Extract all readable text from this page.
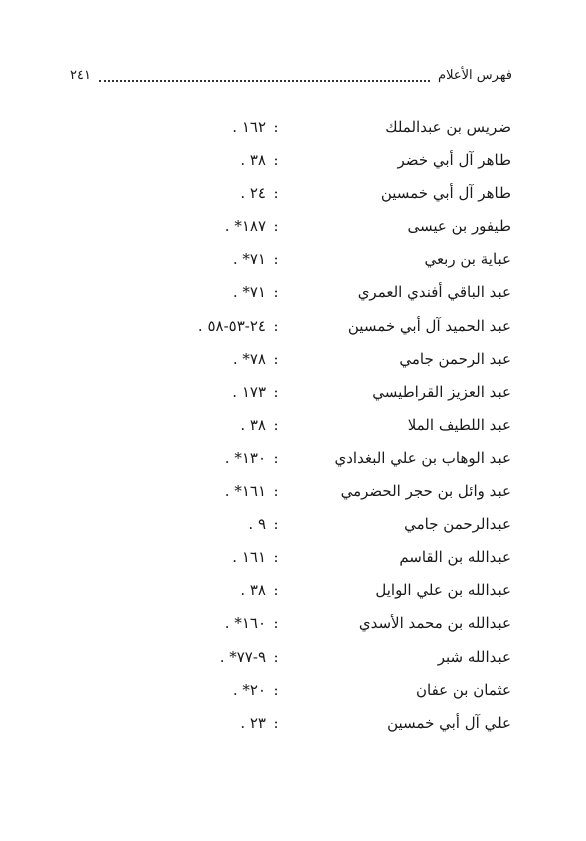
فهرس الأعلام
٢٤١
ضريس بن عبدالملك
:
١٦٢ .
طاهر آل أبي خضر
:
٣٨ .
طاهر آل أبي خمسين
:
٢٤ .
طيفور بن عيسى
:
١٨٧* .
عباية بن ربعي
:
٧١* .
عبد الباقي أفندي العمري
:
٧١* .
عبد الحميد آل أبي خمسين
:
٢٤-٥٣-٥٨ .
عبد الرحمن جامي
:
٧٨* .
عبد العزيز القراطيسي
:
١٧٣ .
عبد اللطيف الملا
:
٣٨ .
عبد الوهاب بن علي البغدادي
:
١٣٠* .
عبد وائل بن حجر الحضرمي
:
١٦١* .
عبدالرحمن جامي
:
٩ .
عبدالله بن القاسم
:
١٦١ .
عبدالله بن علي الوايل
:
٣٨ .
عبدالله بن محمد الأسدي
:
١٦٠* .
عبدالله شبر
:
٩-٧٧* .
عثمان بن عفان
:
٢٠* .
علي آل أبي خمسين
:
٢٣ .
